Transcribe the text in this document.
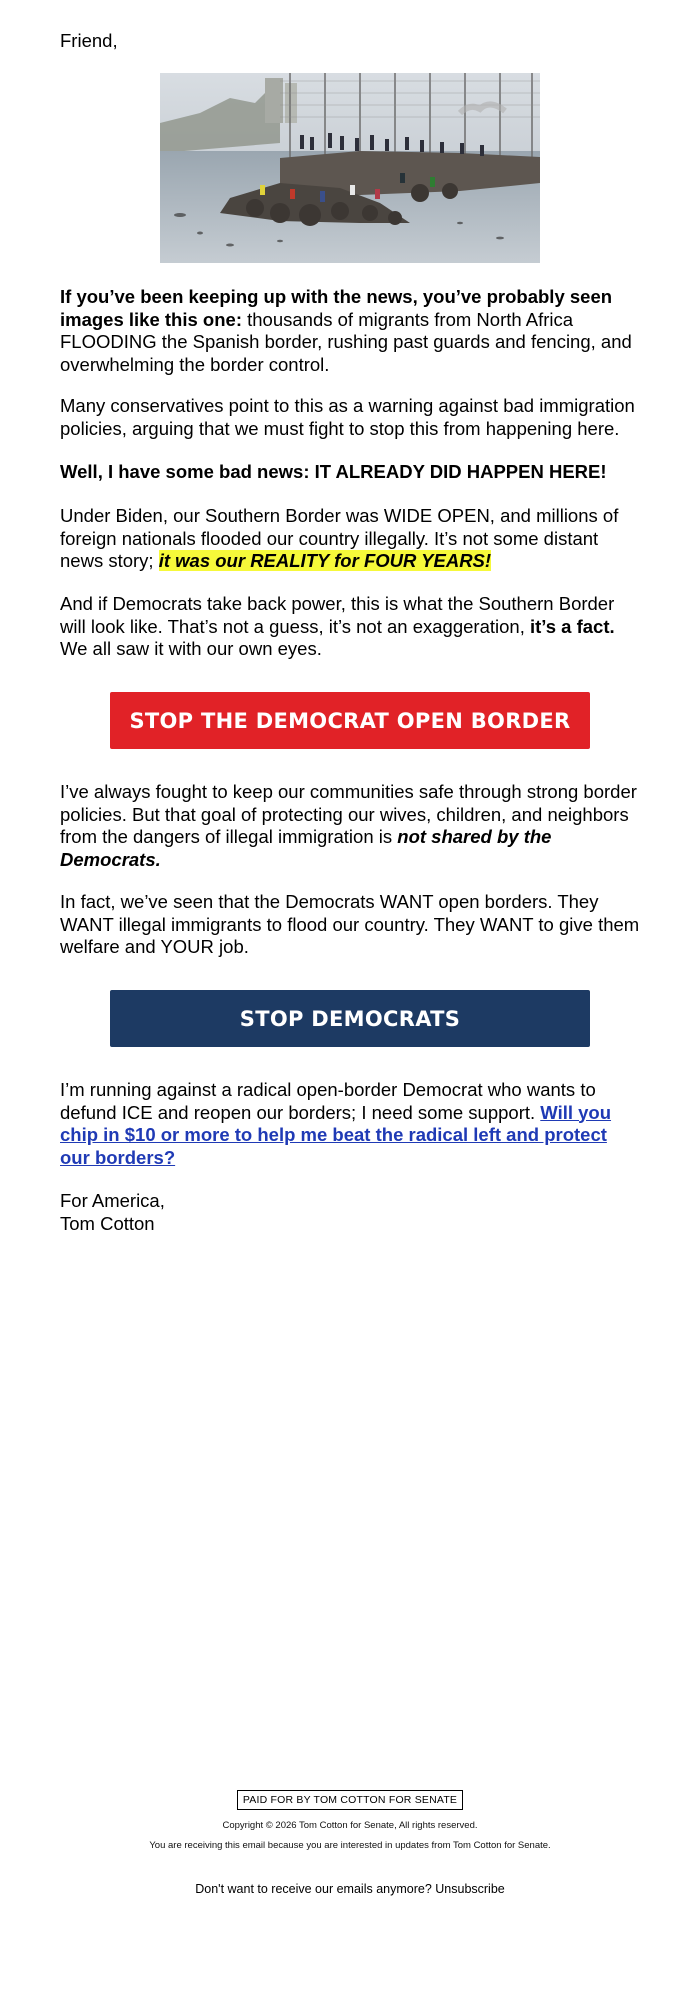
Friend,

If you’ve been keeping up with the news, you’ve probably seen images like this one: thousands of migrants from North Africa FLOODING the Spanish border, rushing past guards and fencing, and overwhelming the border control.

Many conservatives point to this as a warning against bad immigration policies, arguing that we must fight to stop this from happening here.

Well, I have some bad news: IT ALREADY DID HAPPEN HERE!

Under Biden, our Southern Border was WIDE OPEN, and millions of foreign nationals flooded our country illegally. It’s not some distant news story; it was our REALITY for FOUR YEARS!

And if Democrats take back power, this is what the Southern Border will look like. That’s not a guess, it’s not an exaggeration, it’s a fact. We all saw it with our own eyes.

STOP THE DEMOCRAT OPEN BORDER

I’ve always fought to keep our communities safe through strong border policies. But that goal of protecting our wives, children, and neighbors from the dangers of illegal immigration is not shared by the Democrats.

In fact, we’ve seen that the Democrats WANT open borders. They WANT illegal immigrants to flood our country. They WANT to give them welfare and YOUR job.

STOP DEMOCRATS

I’m running against a radical open-border Democrat who wants to defund ICE and reopen our borders; I need some support. Will you chip in $10 or more to help me beat the radical left and protect our borders?

For America,
Tom Cotton

PAID FOR BY TOM COTTON FOR SENATE
Copyright © 2026 Tom Cotton for Senate, All rights reserved.
You are receiving this email because you are interested in updates from Tom Cotton for Senate.
Don't want to receive our emails anymore? Unsubscribe
